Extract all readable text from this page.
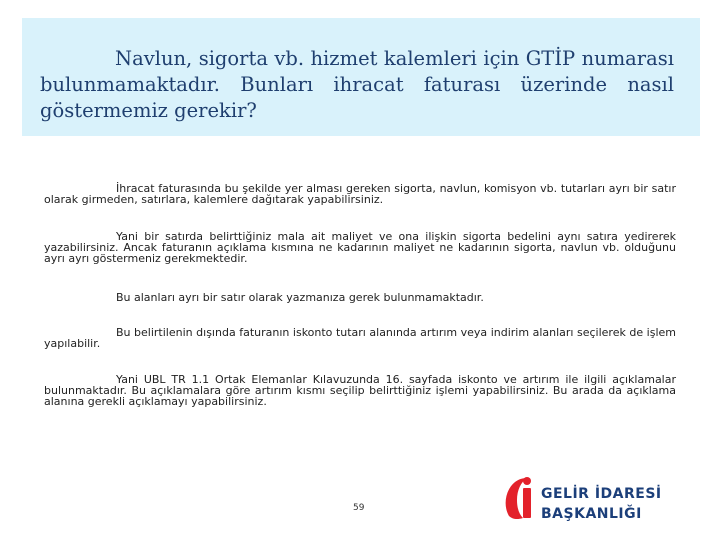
Navlun, sigorta vb. hizmet kalemleri için GTİP numarası
bulunmamaktadır. Bunları ihracat faturası üzerinde nasıl
göstermemiz gerekir?
İhracat faturasında bu şekilde yer alması gereken sigorta, navlun, komisyon vb. tutarları ayrı bir satır olarak girmeden, satırlara, kalemlere dağıtarak yapabilirsiniz.
Yani bir satırda belirttiğiniz mala ait maliyet ve ona ilişkin sigorta bedelini aynı satıra yedirerek yazabilirsiniz. Ancak faturanın açıklama kısmına ne kadarının maliyet ne kadarının sigorta, navlun vb. olduğunu ayrı ayrı göstermeniz gerekmektedir.
Bu alanları ayrı bir satır olarak yazmanıza gerek bulunmamaktadır.
Bu belirtilenin dışında faturanın iskonto tutarı alanında artırım veya indirim alanları seçilerek de işlem yapılabilir.
Yani UBL TR 1.1 Ortak Elemanlar Kılavuzunda 16. sayfada iskonto ve artırım ile ilgili açıklamalar bulunmaktadır. Bu açıklamalara göre artırım kısmı seçilip belirttiğiniz işlemi yapabilirsiniz. Bu arada da açıklama alanına gerekli açıklamayı yapabilirsiniz.
59
GELİR İDARESİ
BAŞKANLIĞI
